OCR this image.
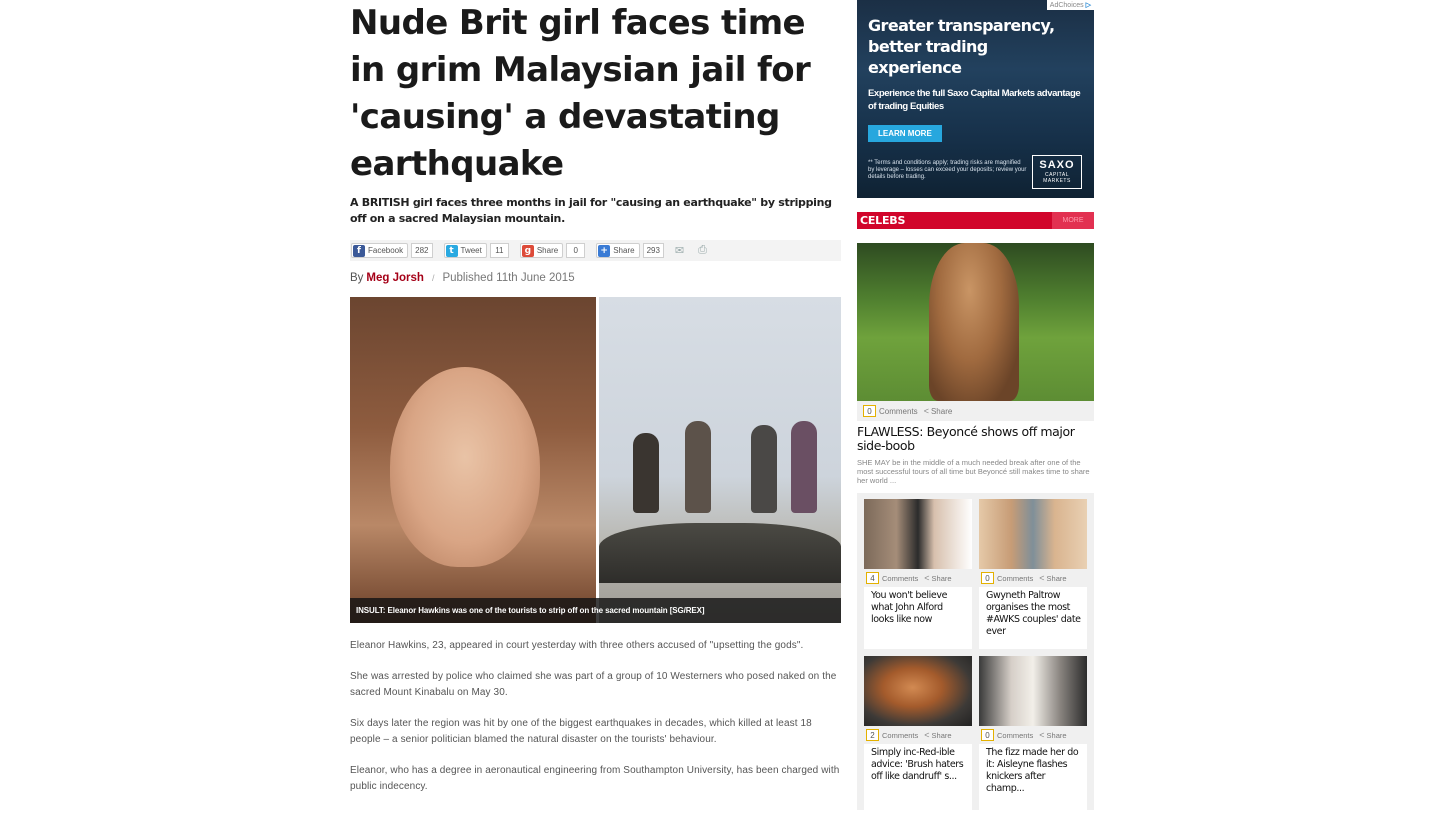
Nude Brit girl faces time in grim Malaysian jail for 'causing' a devastating earthquake

A BRITISH girl faces three months in jail for "causing an earthquake" by stripping off on a sacred Malaysian mountain.

f Facebook	282	t Tweet	11	g Share	0	+ Share	293	✉ ⎙
By Meg Jorsh / Published 11th June 2015
INSULT: Eleanor Hawkins was one of the tourists to strip off on the sacred mountain [SG/REX]

Eleanor Hawkins, 23, appeared in court yesterday with three others accused of "upsetting the gods".

She was arrested by police who claimed she was part of a group of 10 Westerners who posed naked on the sacred Mount Kinabalu on May 30.

Six days later the region was hit by one of the biggest earthquakes in decades, which killed at least 18 people – a senior politician blamed the natural disaster on the tourists' behaviour.

Eleanor, who has a degree in aeronautical engineering from Southampton University, has been charged with public indecency.

AdChoices ▷
Greater transparency,
better trading
experience
Experience the full Saxo Capital Markets advantage of trading Equities
LEARN MORE
** Terms and conditions apply; trading risks are magnified by leverage – losses can exceed your deposits; review your details before trading.
SAXO
CAPITAL MARKETS
CELEBS	MORE
0 Comments < Share
FLAWLESS: Beyoncé shows off major side-boob
SHE MAY be in the middle of a much needed break after one of the most successful tours of all time but Beyoncé still makes time to share her world ...
4 Comments < Share
You won't believe what John Alford looks like now
0 Comments < Share
Gwyneth Paltrow organises the most #AWKS couples' date ever
2 Comments < Share
Simply inc-Red-ible advice: 'Brush haters off like dandruff' s...
0 Comments < Share
The fizz made her do it: Aisleyne flashes knickers after champ...
